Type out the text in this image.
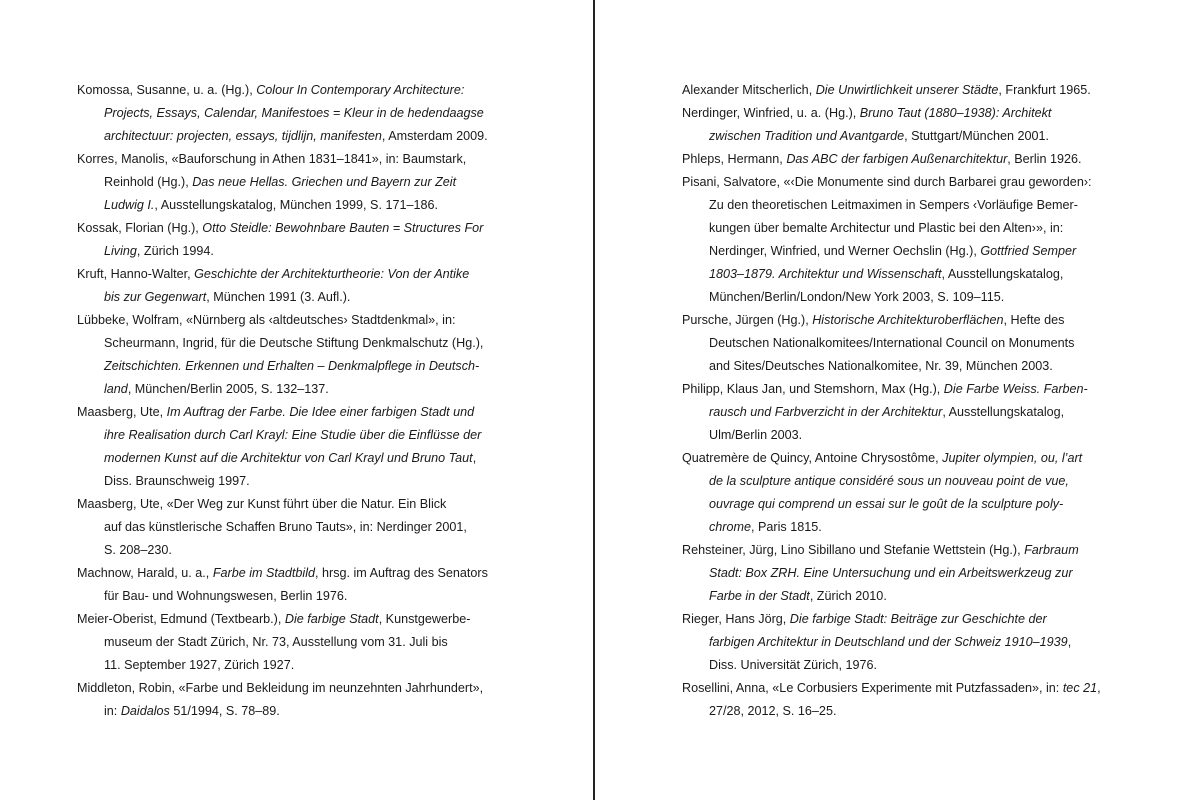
Komossa, Susanne, u. a. (Hg.), Colour In Contemporary Architecture:
Projects, Essays, Calendar, Manifestoes = Kleur in de hedendaagse
architectuur: projecten, essays, tijdlijn, manifesten, Amsterdam 2009.

Korres, Manolis, «Bauforschung in Athen 1831–1841», in: Baumstark,
Reinhold (Hg.), Das neue Hellas. Griechen und Bayern zur Zeit
Ludwig I., Ausstellungskatalog, München 1999, S. 171–186.

Kossak, Florian (Hg.), Otto Steidle: Bewohnbare Bauten = Structures For
Living, Zürich 1994.

Kruft, Hanno-Walter, Geschichte der Architekturtheorie: Von der Antike
bis zur Gegenwart, München 1991 (3. Aufl.).

Lübbeke, Wolfram, «Nürnberg als ‹altdeutsches› Stadtdenkmal», in:
Scheurmann, Ingrid, für die Deutsche Stiftung Denkmalschutz (Hg.),
Zeitschichten. Erkennen und Erhalten – Denkmalpflege in Deutsch-
land, München/Berlin 2005, S. 132–137.

Maasberg, Ute, Im Auftrag der Farbe. Die Idee einer farbigen Stadt und
ihre Realisation durch Carl Krayl: Eine Studie über die Einflüsse der
modernen Kunst auf die Architektur von Carl Krayl und Bruno Taut,
Diss. Braunschweig 1997.

Maasberg, Ute, «Der Weg zur Kunst führt über die Natur. Ein Blick
auf das künstlerische Schaffen Bruno Tauts», in: Nerdinger 2001,
S. 208–230.

Machnow, Harald, u. a., Farbe im Stadtbild, hrsg. im Auftrag des Senators
für Bau- und Wohnungswesen, Berlin 1976.

Meier-Oberist, Edmund (Textbearb.), Die farbige Stadt, Kunstgewerbe-
museum der Stadt Zürich, Nr. 73, Ausstellung vom 31. Juli bis
11. September 1927, Zürich 1927.

Middleton, Robin, «Farbe und Bekleidung im neunzehnten Jahrhundert»,
in: Daidalos 51/1994, S. 78–89.

Alexander Mitscherlich, Die Unwirtlichkeit unserer Städte, Frankfurt 1965.

Nerdinger, Winfried, u. a. (Hg.), Bruno Taut (1880–1938): Architekt
zwischen Tradition und Avantgarde, Stuttgart/München 2001.

Phleps, Hermann, Das ABC der farbigen Außenarchitektur, Berlin 1926.

Pisani, Salvatore, «‹Die Monumente sind durch Barbarei grau geworden›:
Zu den theoretischen Leitmaximen in Sempers ‹Vorläufige Bemer-
kungen über bemalte Architectur und Plastic bei den Alten›», in:
Nerdinger, Winfried, und Werner Oechslin (Hg.), Gottfried Semper
1803–1879. Architektur und Wissenschaft, Ausstellungskatalog,
München/Berlin/London/New York 2003, S. 109–115.

Pursche, Jürgen (Hg.), Historische Architekturoberflächen, Hefte des
Deutschen Nationalkomitees/International Council on Monuments
and Sites/Deutsches Nationalkomitee, Nr. 39, München 2003.

Philipp, Klaus Jan, und Stemshorn, Max (Hg.), Die Farbe Weiss. Farben-
rausch und Farbverzicht in der Architektur, Ausstellungskatalog,
Ulm/Berlin 2003.

Quatremère de Quincy, Antoine Chrysostôme, Jupiter olympien, ou, l’art
de la sculpture antique considéré sous un nouveau point de vue,
ouvrage qui comprend un essai sur le goût de la sculpture poly-
chrome, Paris 1815.

Rehsteiner, Jürg, Lino Sibillano und Stefanie Wettstein (Hg.), Farbraum
Stadt: Box ZRH. Eine Untersuchung und ein Arbeitswerkzeug zur
Farbe in der Stadt, Zürich 2010.

Rieger, Hans Jörg, Die farbige Stadt: Beiträge zur Geschichte der
farbigen Architektur in Deutschland und der Schweiz 1910–1939,
Diss. Universität Zürich, 1976.

Rosellini, Anna, «Le Corbusiers Experimente mit Putzfassaden», in: tec 21,
27/28, 2012, S. 16–25.
